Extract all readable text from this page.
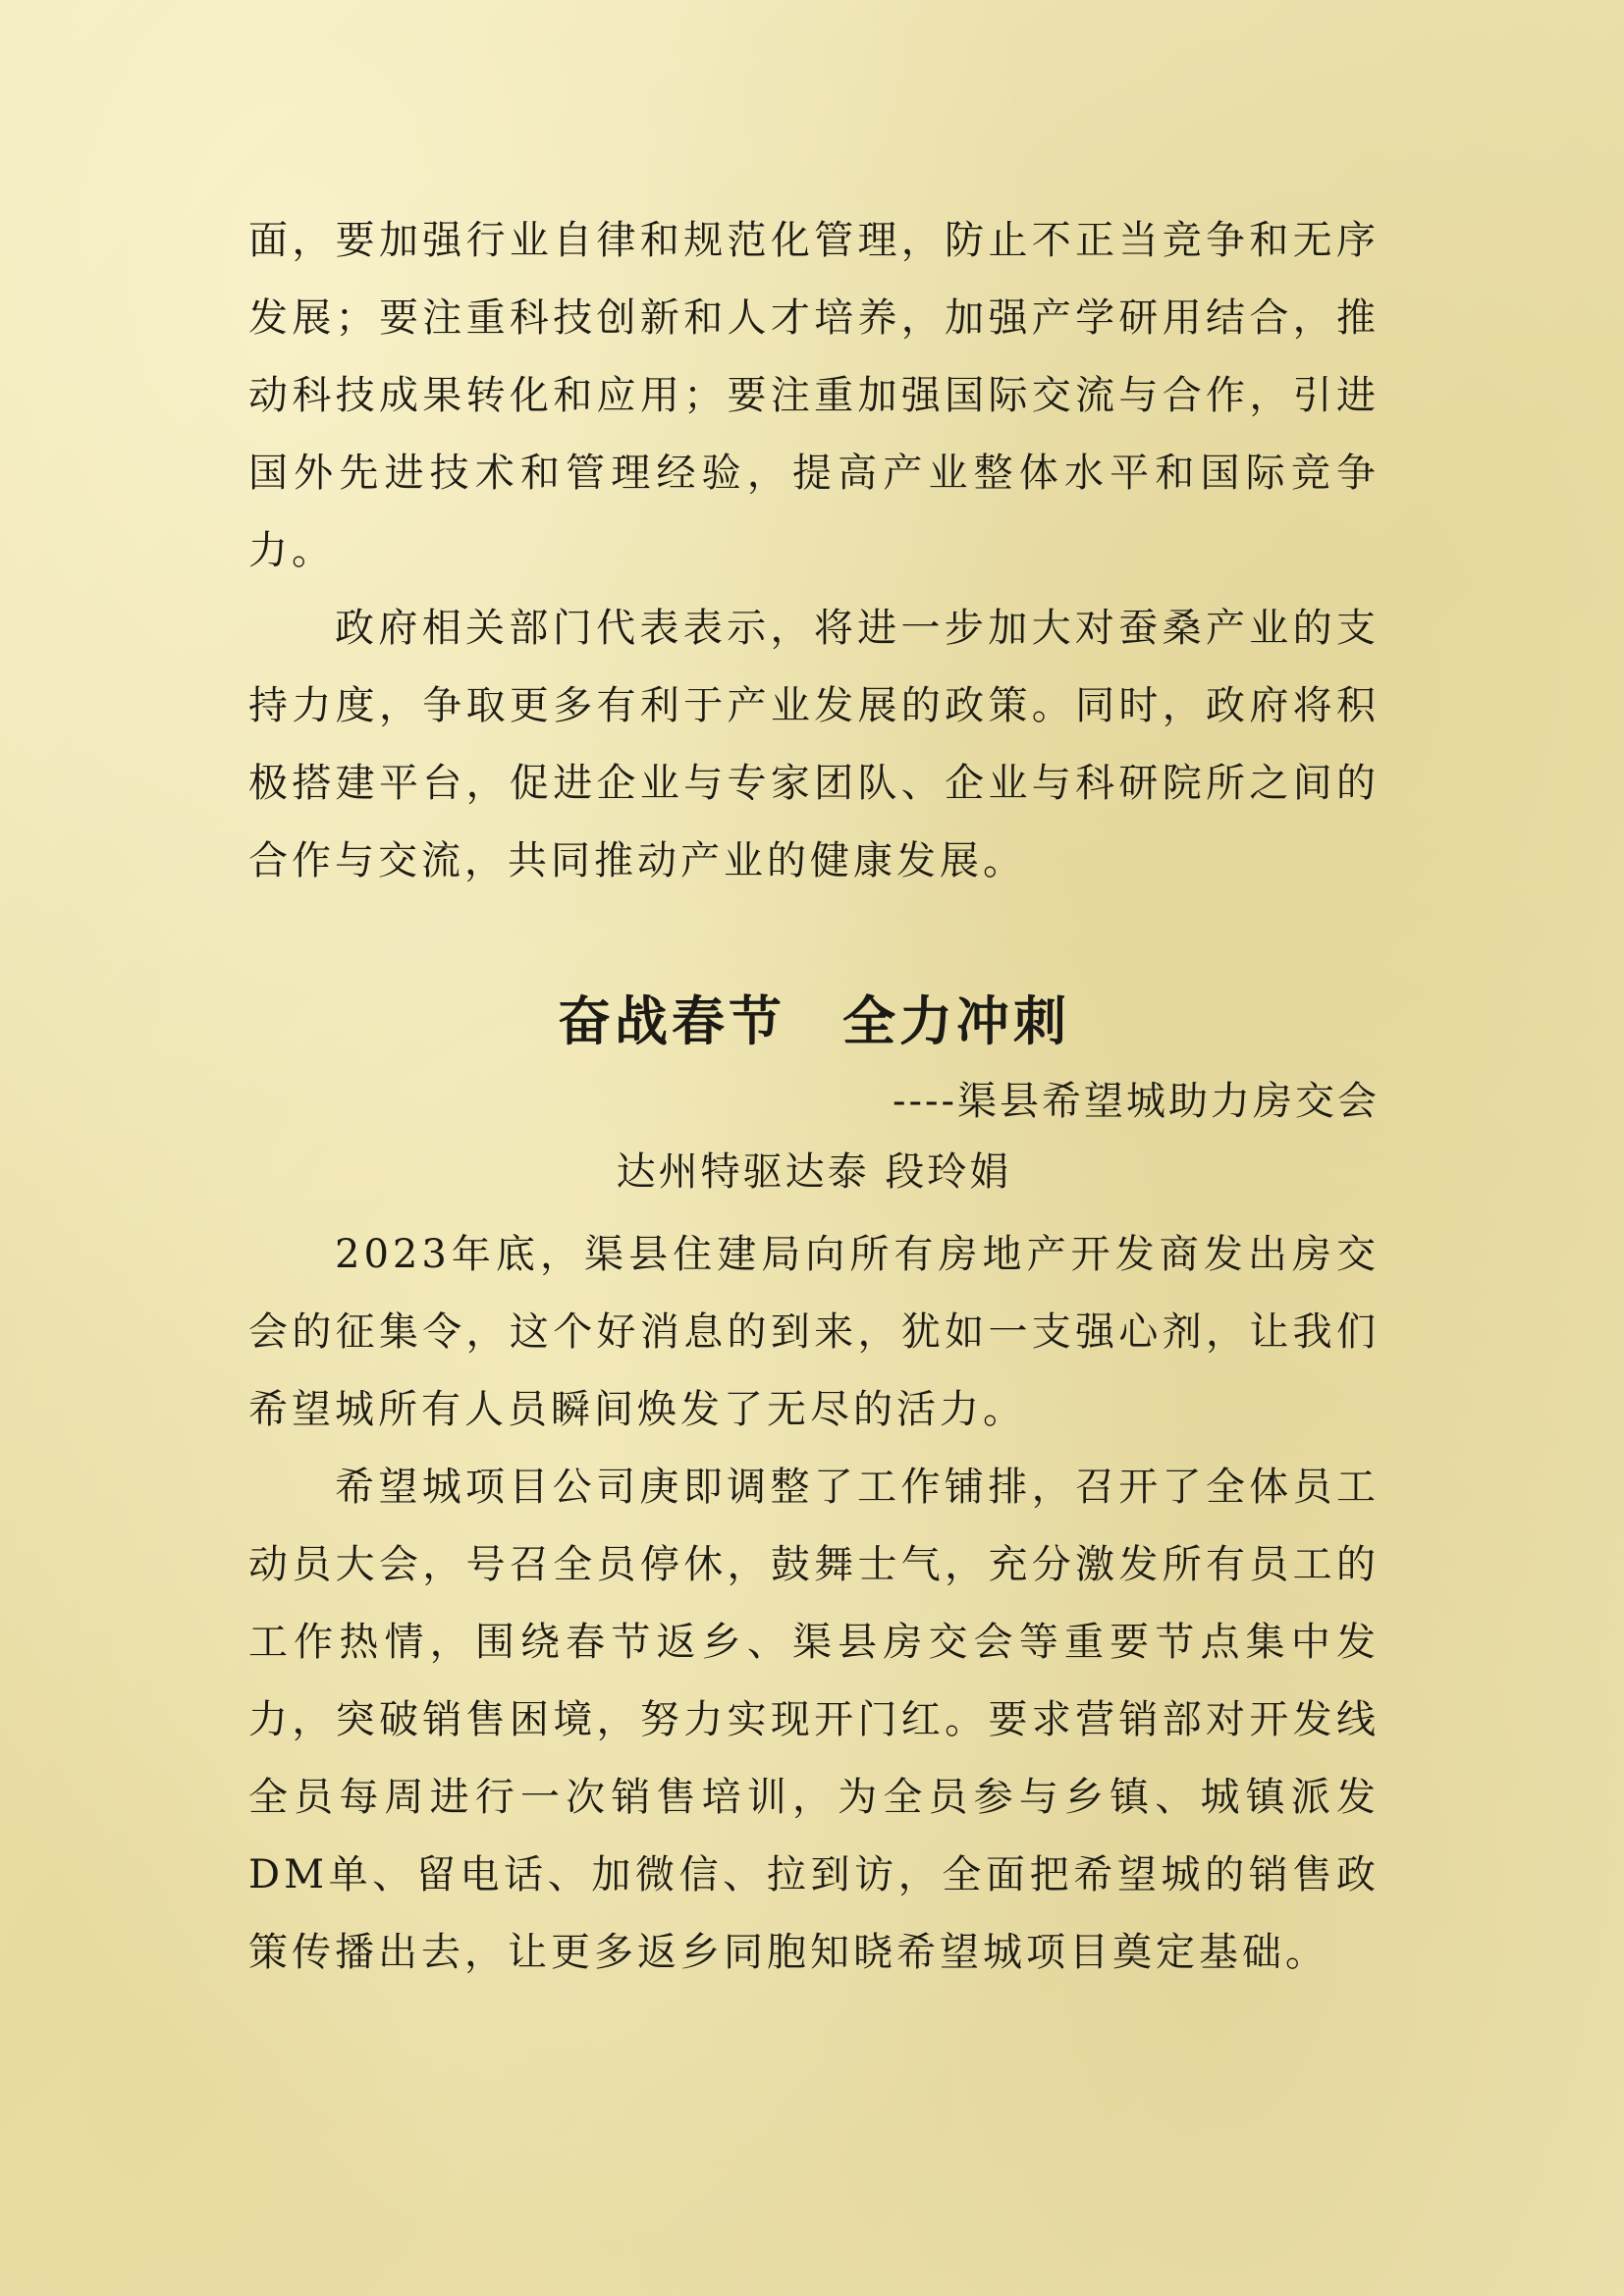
面，要加强行业自律和规范化管理，防止不正当竞争和无序发展；要注重科技创新和人才培养，加强产学研用结合，推动科技成果转化和应用；要注重加强国际交流与合作，引进国外先进技术和管理经验，提高产业整体水平和国际竞争力。

政府相关部门代表表示，将进一步加大对蚕桑产业的支持力度，争取更多有利于产业发展的政策。同时，政府将积极搭建平台，促进企业与专家团队、企业与科研院所之间的合作与交流，共同推动产业的健康发展。

奋战春节　全力冲刺
----渠县希望城助力房交会
达州特驱达泰 段玲娟

2023年底，渠县住建局向所有房地产开发商发出房交会的征集令，这个好消息的到来，犹如一支强心剂，让我们希望城所有人员瞬间焕发了无尽的活力。

希望城项目公司庚即调整了工作铺排，召开了全体员工动员大会，号召全员停休，鼓舞士气，充分激发所有员工的工作热情，围绕春节返乡、渠县房交会等重要节点集中发力，突破销售困境，努力实现开门红。要求营销部对开发线全员每周进行一次销售培训，为全员参与乡镇、城镇派发DM单、留电话、加微信、拉到访，全面把希望城的销售政策传播出去，让更多返乡同胞知晓希望城项目奠定基础。
